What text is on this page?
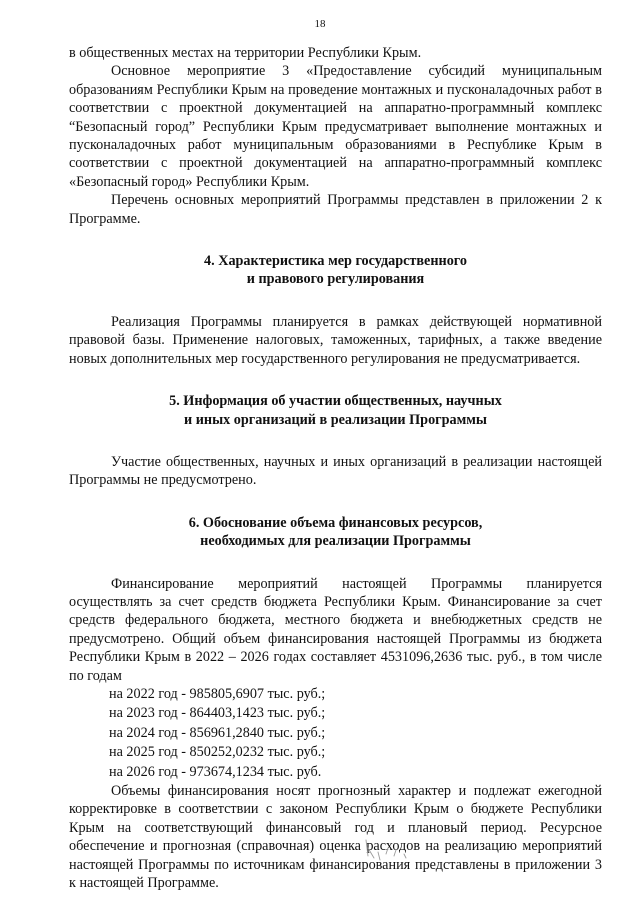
18

в общественных местах на территории Республики Крым.

Основное мероприятие 3 «Предоставление субсидий муниципальным образованиям Республики Крым на проведение монтажных и пусконаладочных работ в соответствии с проектной документацией на аппаратно-программный комплекс “Безопасный город” Республики Крым предусматривает выполнение монтажных и пусконаладочных работ муниципальным образованиями в Республике Крым в соответствии с проектной документацией на аппаратно-программный комплекс «Безопасный город» Республики Крым.

Перечень основных мероприятий Программы представлен в приложении 2 к Программе.

4. Характеристика мер государственного

и правового регулирования

Реализация Программы планируется в рамках действующей нормативной правовой базы. Применение налоговых, таможенных, тарифных, а также введение новых дополнительных мер государственного регулирования не предусматривается.

5. Информация об участии общественных, научных

и иных организаций в реализации Программы

Участие общественных, научных и иных организаций в реализации настоящей Программы не предусмотрено.

6. Обоснование объема финансовых ресурсов,

необходимых для реализации Программы

Финансирование мероприятий настоящей Программы планируется осуществлять за счет средств бюджета Республики Крым. Финансирование за счет средств федерального бюджета, местного бюджета и внебюджетных средств не предусмотрено. Общий объем финансирования настоящей Программы из бюджета Республики Крым в 2022 – 2026 годах составляет 4531096,2636 тыс. руб., в том числе по годам

на 2022 год - 985805,6907 тыс. руб.;
на 2023 год - 864403,1423 тыс. руб.;
на 2024 год - 856961,2840 тыс. руб.;
на 2025 год - 850252,0232 тыс. руб.;
на 2026 год - 973674,1234 тыс. руб.

Объемы финансирования носят прогнозный характер и подлежат ежегодной корректировке в соответствии с законом Республики Крым о бюджете Республики Крым на соответствующий финансовый год и плановый период. Ресурсное обеспечение и прогнозная (справочная) оценка расходов на реализацию мероприятий настоящей Программы по источникам финансирования представлены в приложении 3 к настоящей Программе.
